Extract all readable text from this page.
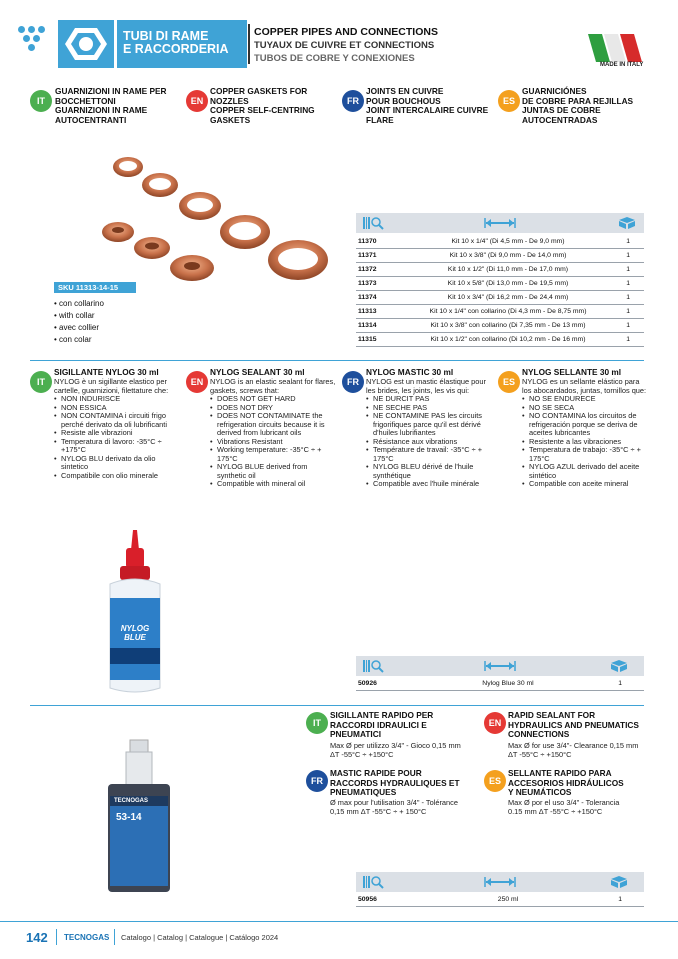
TUBI DI RAME
E RACCORDERIA
COPPER PIPES AND CONNECTIONS
TUYAUX DE CUIVRE ET CONNECTIONS
TUBOS DE COBRE Y CONEXIONES
MADE IN ITALY
IT
GUARNIZIONI IN RAME PER
BOCCHETTONI
GUARNIZIONI IN RAME
AUTOCENTRANTI
EN
COPPER GASKETS FOR
NOZZLES
COPPER SELF-CENTRING
GASKETS
FR
JOINTS EN CUIVRE
POUR BOUCHOUS
JOINT INTERCALAIRE CUIVRE
FLARE
ES
GUARNICIÓNES
DE COBRE PARA REJILLAS
JUNTAS DE COBRE
AUTOCENTRADAS
SKU 11313-14-15
• con collarino
• with collar
• avec collier
• con colar
11370	Kit 10 x 1/4" (Di 4,5 mm - De 9,0 mm)	1
11371	Kit 10 x 3/8" (Di 9,0 mm - De 14,0 mm)	1
11372	Kit 10 x 1/2" (Di 11,0 mm - De 17,0 mm)	1
11373	Kit 10 x 5/8" (Di 13,0 mm - De 19,5 mm)	1
11374	Kit 10 x 3/4" (Di 16,2 mm - De 24,4 mm)	1
11313	Kit 10 x 1/4" con collarino (Di 4,3 mm - De 8,75 mm)	1
11314	Kit 10 x 3/8" con collarino (Di 7,35 mm - De 13 mm)	1
11315	Kit 10 x 1/2" con collarino (Di 10,2 mm - De 16 mm)	1
IT
SIGILLANTE NYLOG 30 ml
NYLOG è un sigillante elastico per
cartelle, guarnizioni, filettature che:
• NON INDURISCE
• NON ESSICA
• NON CONTAMINA i circuiti frigo perché derivato da oli lubrificanti
• Resiste alle vibrazioni
• Temperatura di lavoro: -35°C ÷ +175°C
• NYLOG BLU derivato da olio sintetico
• Compatibile con olio minerale
EN
NYLOG SEALANT 30 ml
NYLOG is an elastic sealant for flares,
gaskets, screws that:
• DOES NOT GET HARD
• DOES NOT DRY
• DOES NOT CONTAMINATE the refrigeration circuits because it is derived from lubricant oils
• Vibrations Resistant
• Working temperature: -35°C ÷ + 175°C
• NYLOG BLUE derived from synthetic oil
• Compatible with mineral oil
FR
NYLOG MASTIC 30 ml
NYLOG est un mastic élastique pour
les brides, les joints, les vis qui:
• NE DURCIT PAS
• NE SECHE PAS
• NE CONTAMINE PAS les circuits frigorifiques parce qu'il est dérivé d'huiles lubrifiantes
• Résistance aux vibrations
• Température de travail: -35°C ÷ + 175°C
• NYLOG BLEU dérivé de l'huile synthétique
• Compatible avec l'huile minérale
ES
NYLOG SELLANTE 30 ml
NYLOG es un sellante elástico para
los abocardados, juntas, tornillos que:
• NO SE ENDURECE
• NO SE SECA
• NO CONTAMINA los circuitos de refrigeración porque se deriva de aceites lubricantes
• Resistente a las vibraciones
• Temperatura de trabajo: -35°C ÷ + 175°C
• NYLOG AZUL derivado del aceite sintético
• Compatible con aceite mineral
NYLOG BLUE
50926	Nylog Blue 30 ml	1
IT
SIGILLANTE RAPIDO PER
RACCORDI IDRAULICI E
PNEUMATICI
Max Ø per utilizzo 3/4" - Gioco 0,15 mm
ΔT -55°C ÷ +150°C
EN
RAPID SEALANT FOR
HYDRAULICS AND PNEUMATICS
CONNECTIONS
Max Ø for use 3/4"- Clearance 0,15 mm
ΔT -55°C ÷ +150°C
FR
MASTIC RAPIDE POUR
RACCORDS HYDRAULIQUES ET
PNEUMATIQUES
Ø max pour l'utilisation 3/4" - Tolérance
0,15 mm ΔT -55°C ÷ + 150°C
ES
SELLANTE RAPIDO PARA
ACCESORIOS HIDRÁULICOS
Y NEUMÁTICOS
Max Ø por el uso 3/4" - Tolerancia
0.15 mm ΔT -55°C ÷ +150°C
TECNOGAS
53-14
50956	250 ml	1
142 TECNOGAS Catalogo | Catalog | Catalogue | Catálogo 2024
